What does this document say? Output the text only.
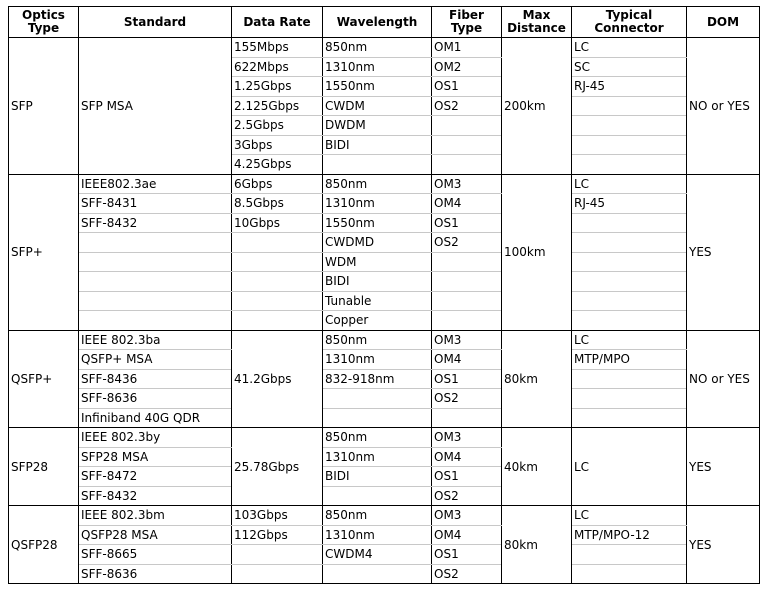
Optics Type	Standard	Data Rate	Wavelength	Fiber Type	Max Distance	Typical Connector	DOM
SFP	SFP MSA	155Mbps	850nm	OM1	200km	LC	NO or YES
		622Mbps	1310nm	OM2		SC	
		1.25Gbps	1550nm	OS1		RJ-45	
		2.125Gbps	CWDM	OS2			
		2.5Gbps	DWDM				
		3Gbps	BIDI				
		4.25Gbps					
SFP+	IEEE802.3ae	6Gbps	850nm	OM3	100km	LC	YES
	SFF-8431	8.5Gbps	1310nm	OM4		RJ-45	
	SFF-8432	10Gbps	1550nm	OS1			
			CWDMD	OS2			
			WDM				
			BIDI				
			Tunable				
			Copper				
QSFP+	IEEE 802.3ba	41.2Gbps	850nm	OM3	80km	LC	NO or YES
	QSFP+ MSA		1310nm	OM4		MTP/MPO	
	SFF-8436		832-918nm	OS1			
	SFF-8636			OS2			
	Infiniband 40G QDR						
SFP28	IEEE 802.3by	25.78Gbps	850nm	OM3	40km	LC	YES
	SFP28 MSA		1310nm	OM4			
	SFF-8472		BIDI	OS1			
	SFF-8432			OS2			
QSFP28	IEEE 802.3bm	103Gbps	850nm	OM3	80km	LC	YES
	QSFP28 MSA	112Gbps	1310nm	OM4		MTP/MPO-12	
	SFF-8665		CWDM4	OS1			
	SFF-8636			OS2			
